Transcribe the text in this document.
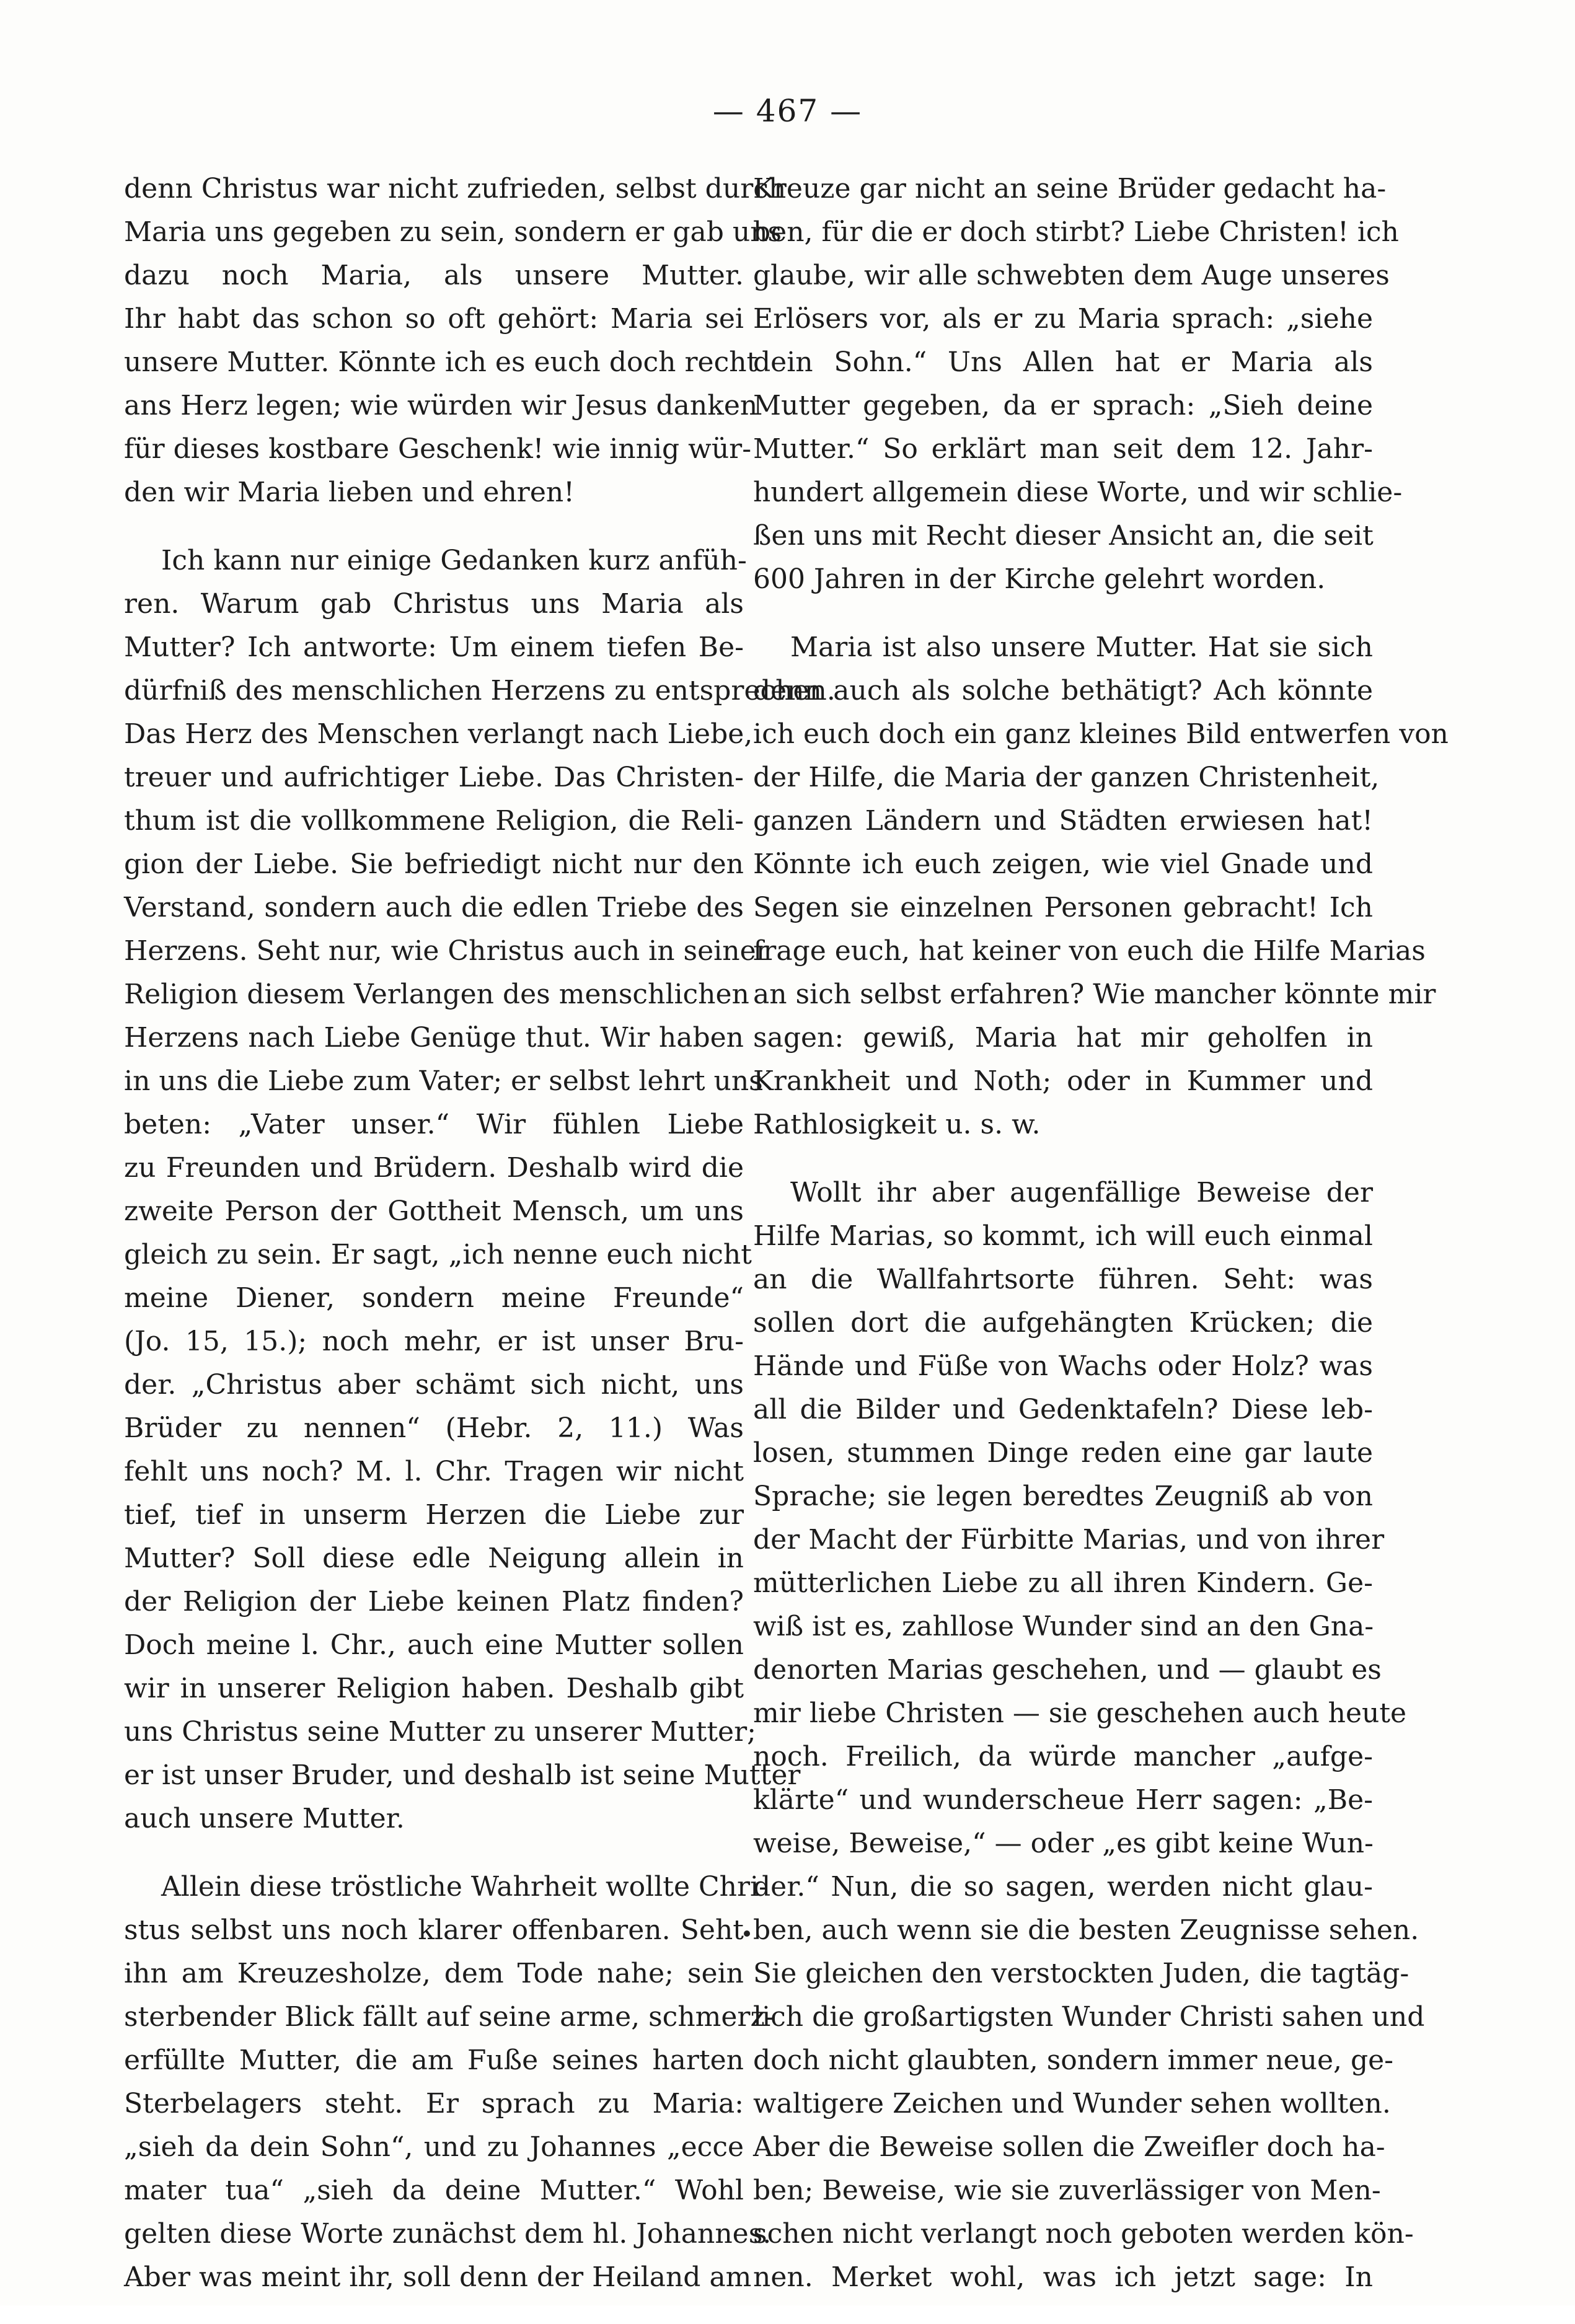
— 467 —
denn Christus war nicht zufrieden, selbst durch
Maria uns gegeben zu sein, sondern er gab uns
dazu noch Maria, als unsere Mutter.
Ihr habt das schon so oft gehört: Maria sei
unsere Mutter. Könnte ich es euch doch recht
ans Herz legen; wie würden wir Jesus danken
für dieses kostbare Geschenk! wie innig wür-
den wir Maria lieben und ehren!
Ich kann nur einige Gedanken kurz anfüh-
ren. Warum gab Christus uns Maria als
Mutter? Ich antworte: Um einem tiefen Be-
dürfniß des menschlichen Herzens zu entsprechen.
Das Herz des Menschen verlangt nach Liebe,
treuer und aufrichtiger Liebe. Das Christen-
thum ist die vollkommene Religion, die Reli-
gion der Liebe. Sie befriedigt nicht nur den
Verstand, sondern auch die edlen Triebe des
Herzens. Seht nur, wie Christus auch in seiner
Religion diesem Verlangen des menschlichen
Herzens nach Liebe Genüge thut. Wir haben
in uns die Liebe zum Vater; er selbst lehrt uns
beten: „Vater unser.“ Wir fühlen Liebe
zu Freunden und Brüdern. Deshalb wird die
zweite Person der Gottheit Mensch, um uns
gleich zu sein. Er sagt, „ich nenne euch nicht
meine Diener, sondern meine Freunde“
(Jo. 15, 15.); noch mehr, er ist unser Bru-
der. „Christus aber schämt sich nicht, uns
Brüder zu nennen“ (Hebr. 2, 11.) Was
fehlt uns noch? M. l. Chr. Tragen wir nicht
tief, tief in unserm Herzen die Liebe zur
Mutter? Soll diese edle Neigung allein in
der Religion der Liebe keinen Platz finden?
Doch meine l. Chr., auch eine Mutter sollen
wir in unserer Religion haben. Deshalb gibt
uns Christus seine Mutter zu unserer Mutter;
er ist unser Bruder, und deshalb ist seine Mutter
auch unsere Mutter.
Allein diese tröstliche Wahrheit wollte Chri-
stus selbst uns noch klarer offenbaren. Seht
ihn am Kreuzesholze, dem Tode nahe; sein
sterbender Blick fällt auf seine arme, schmerz-
erfüllte Mutter, die am Fuße seines harten
Sterbelagers steht. Er sprach zu Maria:
„sieh da dein Sohn“, und zu Johannes „ecce
mater tua“ „sieh da deine Mutter.“ Wohl
gelten diese Worte zunächst dem hl. Johannes.
Aber was meint ihr, soll denn der Heiland am
Kreuze gar nicht an seine Brüder gedacht ha-
ben, für die er doch stirbt? Liebe Christen! ich
glaube, wir alle schwebten dem Auge unseres
Erlösers vor, als er zu Maria sprach: „siehe
dein Sohn.“ Uns Allen hat er Maria als
Mutter gegeben, da er sprach: „Sieh deine
Mutter.“ So erklärt man seit dem 12. Jahr-
hundert allgemein diese Worte, und wir schlie-
ßen uns mit Recht dieser Ansicht an, die seit
600 Jahren in der Kirche gelehrt worden.
Maria ist also unsere Mutter. Hat sie sich
denn auch als solche bethätigt? Ach könnte
ich euch doch ein ganz kleines Bild entwerfen von
der Hilfe, die Maria der ganzen Christenheit,
ganzen Ländern und Städten erwiesen hat!
Könnte ich euch zeigen, wie viel Gnade und
Segen sie einzelnen Personen gebracht! Ich
frage euch, hat keiner von euch die Hilfe Marias
an sich selbst erfahren? Wie mancher könnte mir
sagen: gewiß, Maria hat mir geholfen in
Krankheit und Noth; oder in Kummer und
Rathlosigkeit u. s. w.
Wollt ihr aber augenfällige Beweise der
Hilfe Marias, so kommt, ich will euch einmal
an die Wallfahrtsorte führen. Seht: was
sollen dort die aufgehängten Krücken; die
Hände und Füße von Wachs oder Holz? was
all die Bilder und Gedenktafeln? Diese leb-
losen, stummen Dinge reden eine gar laute
Sprache; sie legen beredtes Zeugniß ab von
der Macht der Fürbitte Marias, und von ihrer
mütterlichen Liebe zu all ihren Kindern. Ge-
wiß ist es, zahllose Wunder sind an den Gna-
denorten Marias geschehen, und — glaubt es
mir liebe Christen — sie geschehen auch heute
noch. Freilich, da würde mancher „aufge-
klärte“ und wunderscheue Herr sagen: „Be-
weise, Beweise,“ — oder „es gibt keine Wun-
der.“ Nun, die so sagen, werden nicht glau-
ben, auch wenn sie die besten Zeugnisse sehen.
Sie gleichen den verstockten Juden, die tagtäg-
lich die großartigsten Wunder Christi sahen und
doch nicht glaubten, sondern immer neue, ge-
waltigere Zeichen und Wunder sehen wollten.
Aber die Beweise sollen die Zweifler doch ha-
ben; Beweise, wie sie zuverlässiger von Men-
schen nicht verlangt noch geboten werden kön-
nen. Merket wohl, was ich jetzt sage: In
